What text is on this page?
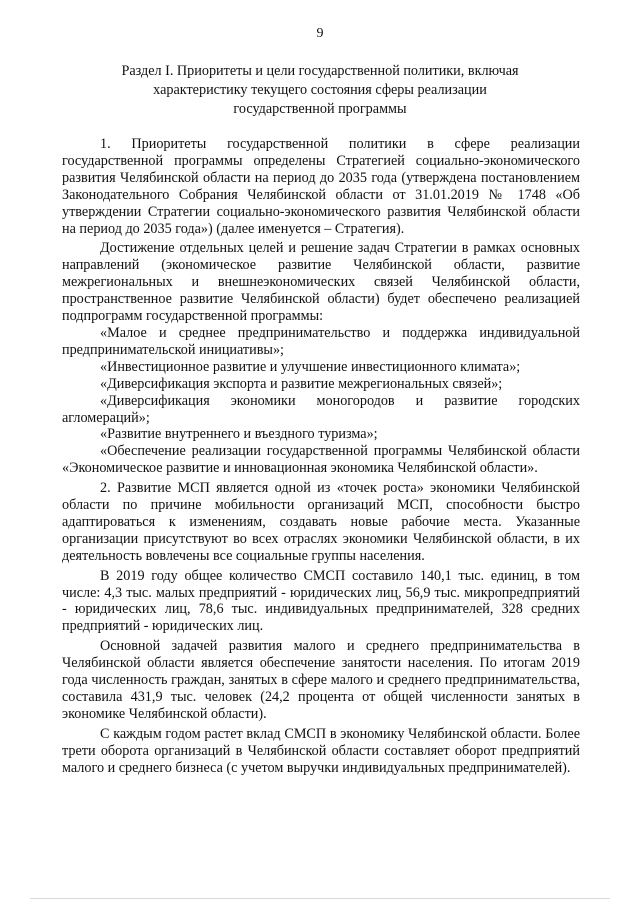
9
Раздел I. Приоритеты и цели государственной политики, включая
характеристику текущего состояния сферы реализации
государственной программы

1. Приоритеты государственной политики в сфере реализации государственной программы определены Стратегией социально-экономического развития Челябинской области на период до 2035 года (утверждена постановлением Законодательного Собрания Челябинской области от 31.01.2019 № 1748 «Об утверждении Стратегии социально-экономического развития Челябинской области на период до 2035 года») (далее именуется – Стратегия).

Достижение отдельных целей и решение задач Стратегии в рамках основных направлений (экономическое развитие Челябинской области, развитие межрегиональных и внешнеэкономических связей Челябинской области, пространственное развитие Челябинской области) будет обеспечено реализацией подпрограмм государственной программы:

«Малое и среднее предпринимательство и поддержка индивидуальной предпринимательской инициативы»;

«Инвестиционное развитие и улучшение инвестиционного климата»;

«Диверсификация экспорта и развитие межрегиональных связей»;

«Диверсификация экономики моногородов и развитие городских агломераций»;

«Развитие внутреннего и въездного туризма»;

«Обеспечение реализации государственной программы Челябинской области «Экономическое развитие и инновационная экономика Челябинской области».

2. Развитие МСП является одной из «точек роста» экономики Челябинской области по причине мобильности организаций МСП, способности быстро адаптироваться к изменениям, создавать новые рабочие места. Указанные организации присутствуют во всех отраслях экономики Челябинской области, в их деятельность вовлечены все социальные группы населения.

В 2019 году общее количество СМСП составило 140,1 тыс. единиц, в том числе: 4,3 тыс. малых предприятий - юридических лиц, 56,9 тыс. микропредприятий - юридических лиц, 78,6 тыс. индивидуальных предпринимателей, 328 средних предприятий - юридических лиц.

Основной задачей развития малого и среднего предпринимательства в Челябинской области является обеспечение занятости населения. По итогам 2019 года численность граждан, занятых в сфере малого и среднего предпринимательства, составила 431,9 тыс. человек (24,2 процента от общей численности занятых в экономике Челябинской области).

С каждым годом растет вклад СМСП в экономику Челябинской области. Более трети оборота организаций в Челябинской области составляет оборот предприятий малого и среднего бизнеса (с учетом выручки индивидуальных предпринимателей).
